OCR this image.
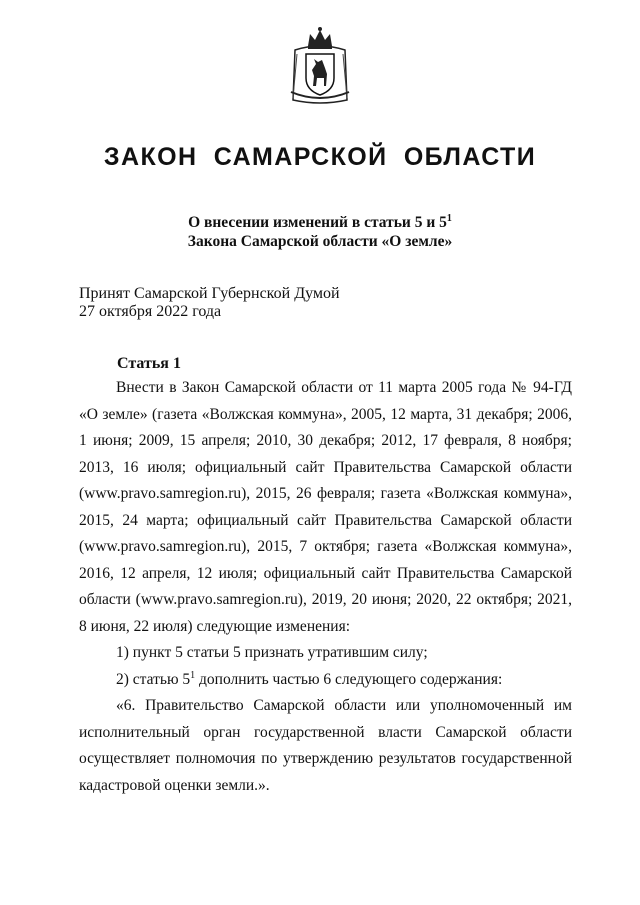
ЗАКОН САМАРСКОЙ ОБЛАСТИ
О внесении изменений в статьи 5 и $5^1$
Закона Самарской области «О земле»
Принят Самарской Губернской Думой
27 октября 2022 года
Статья 1

Внести в Закон Самарской области от 11 марта 2005 года № 94-ГД «О земле» (газета «Волжская коммуна», 2005, 12 марта, 31 декабря; 2006, 1 июня; 2009, 15 апреля; 2010, 30 декабря; 2012, 17 февраля, 8 ноября; 2013, 16 июля; официальный сайт Правительства Самарской области (www.pravo.samregion.ru), 2015, 26 февраля; газета «Волжская коммуна», 2015, 24 марта; официальный сайт Правительства Самарской области (www.pravo.samregion.ru), 2015, 7 октября; газета «Волжская коммуна», 2016, 12 апреля, 12 июля; официальный сайт Правительства Самарской области (www.pravo.samregion.ru), 2019, 20 июня; 2020, 22 октября; 2021, 8 июня, 22 июля) следующие изменения:

1) пункт 5 статьи 5 признать утратившим силу;

2) статью $5^1$ дополнить частью 6 следующего содержания:

«6. Правительство Самарской области или уполномоченный им исполнительный орган государственной власти Самарской области осуществляет полномочия по утверждению результатов государственной кадастровой оценки земли.».
